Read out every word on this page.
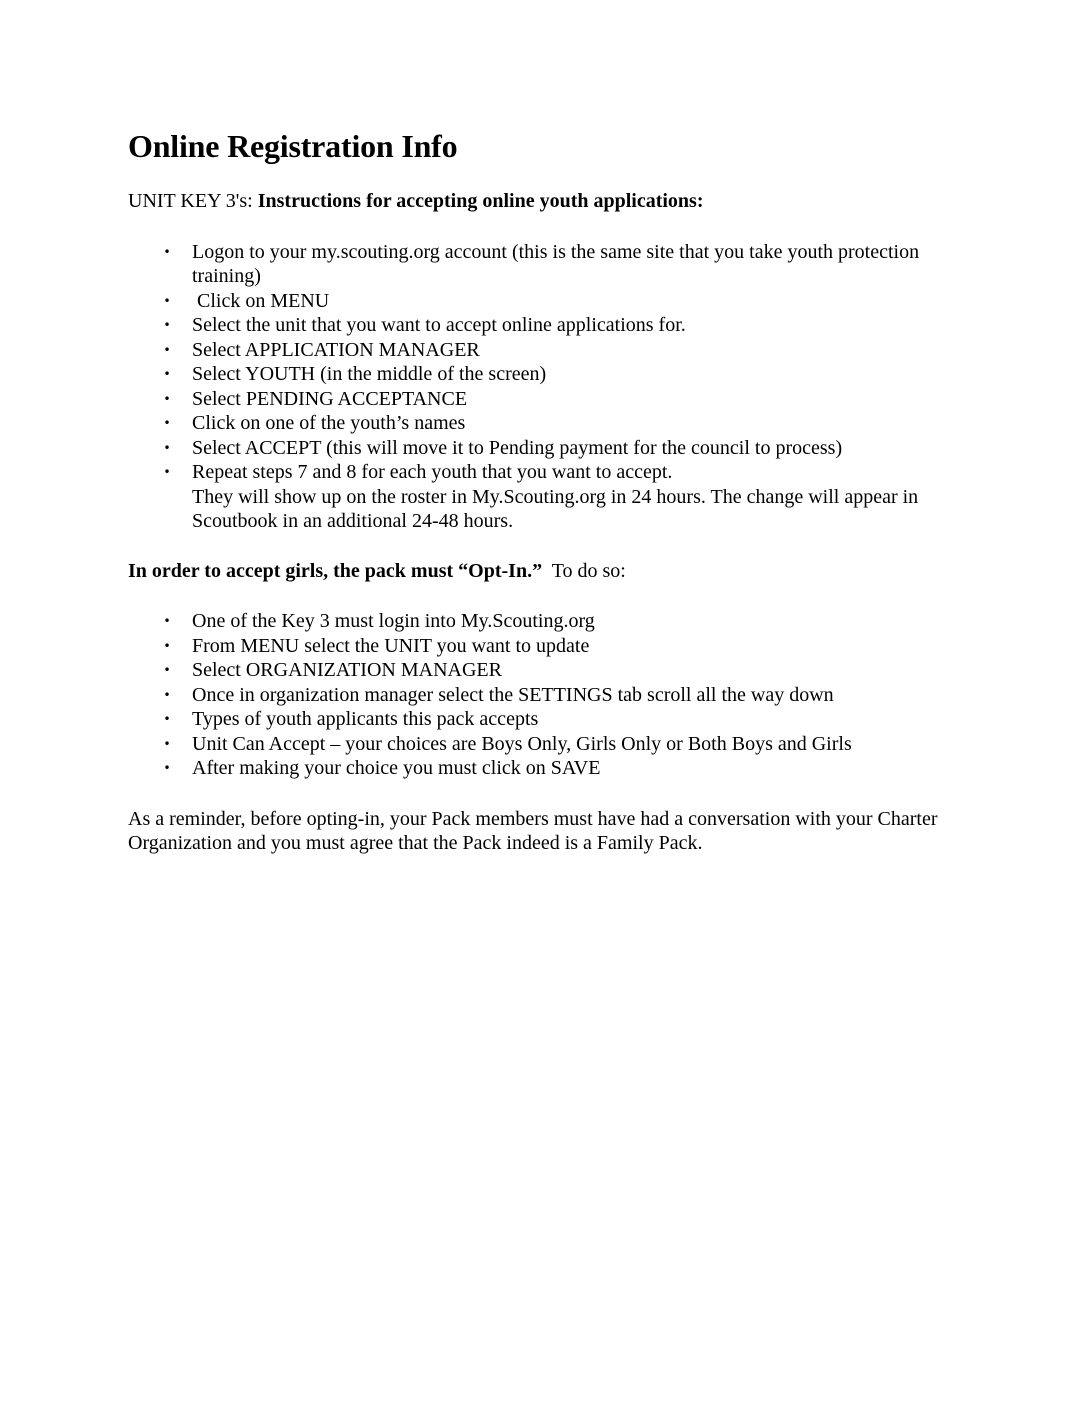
Online Registration Info

UNIT KEY 3's: Instructions for accepting online youth applications:

• Logon to your my.scouting.org account (this is the same site that you take youth protection training)
• Click on MENU
• Select the unit that you want to accept online applications for.
• Select APPLICATION MANAGER
• Select YOUTH (in the middle of the screen)
• Select PENDING ACCEPTANCE
• Click on one of the youth’s names
• Select ACCEPT (this will move it to Pending payment for the council to process)
• Repeat steps 7 and 8 for each youth that you want to accept.
They will show up on the roster in My.Scouting.org in 24 hours. The change will appear in Scoutbook in an additional 24-48 hours.

In order to accept girls, the pack must “Opt-In.”  To do so:

• One of the Key 3 must login into My.Scouting.org
• From MENU select the UNIT you want to update
• Select ORGANIZATION MANAGER
• Once in organization manager select the SETTINGS tab scroll all the way down
• Types of youth applicants this pack accepts
• Unit Can Accept – your choices are Boys Only, Girls Only or Both Boys and Girls
• After making your choice you must click on SAVE

As a reminder, before opting-in, your Pack members must have had a conversation with your Charter Organization and you must agree that the Pack indeed is a Family Pack.
